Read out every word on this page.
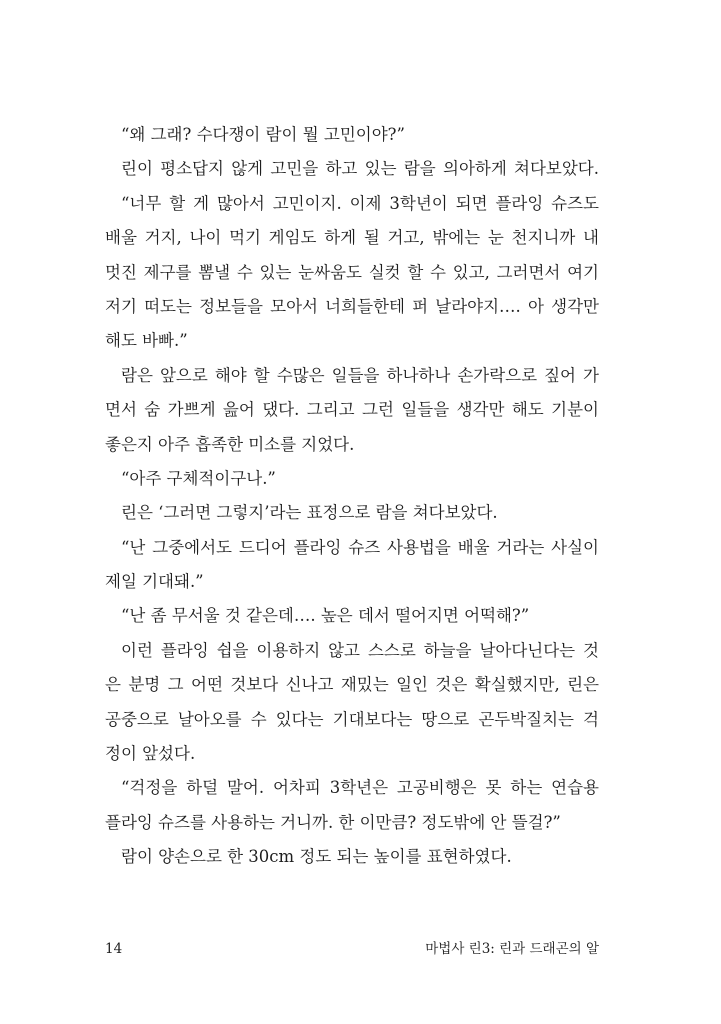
“왜 그래? 수다쟁이 람이 뭘 고민이야?”
린이 평소답지 않게 고민을 하고 있는 람을 의아하게 쳐다보았다.
“너무 할 게 많아서 고민이지. 이제 3학년이 되면 플라잉 슈즈도
배울 거지, 나이 먹기 게임도 하게 될 거고, 밖에는 눈 천지니까 내
멋진 제구를 뽐낼 수 있는 눈싸움도 실컷 할 수 있고, 그러면서 여기
저기 떠도는 정보들을 모아서 너희들한테 퍼 날라야지…. 아 생각만
해도 바빠.”
람은 앞으로 해야 할 수많은 일들을 하나하나 손가락으로 짚어 가
면서 숨 가쁘게 읊어 댔다. 그리고 그런 일들을 생각만 해도 기분이
좋은지 아주 흡족한 미소를 지었다.
“아주 구체적이구나.”
린은 ‘그러면 그렇지’라는 표정으로 람을 쳐다보았다.
“난 그중에서도 드디어 플라잉 슈즈 사용법을 배울 거라는 사실이
제일 기대돼.”
“난 좀 무서울 것 같은데…. 높은 데서 떨어지면 어떡해?”
이런 플라잉 쉽을 이용하지 않고 스스로 하늘을 날아다닌다는 것
은 분명 그 어떤 것보다 신나고 재밌는 일인 것은 확실했지만, 린은
공중으로 날아오를 수 있다는 기대보다는 땅으로 곤두박질치는 걱
정이 앞섰다.
“걱정을 하덜 말어. 어차피 3학년은 고공비행은 못 하는 연습용
플라잉 슈즈를 사용하는 거니까. 한 이만큼? 정도밖에 안 뜰걸?”
람이 양손으로 한 30cm 정도 되는 높이를 표현하였다.
14	마법사 린3: 린과 드래곤의 알
